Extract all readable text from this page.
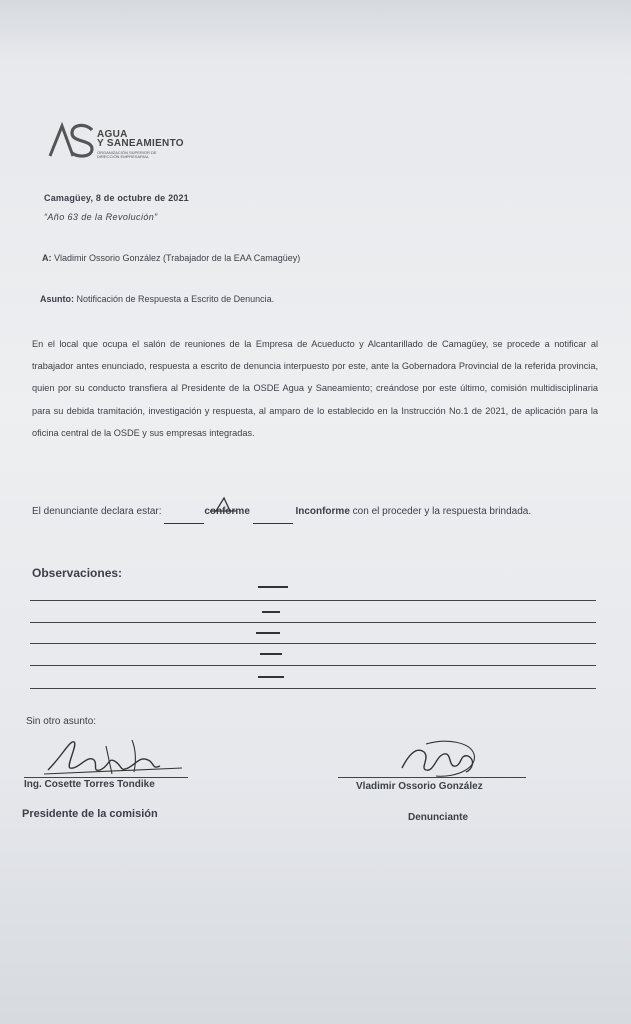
AGUA
Y SANEAMIENTO
ORGANIZACIÓN SUPERIOR DE DIRECCIÓN EMPRESARIAL
Camagüey, 8 de octubre de 2021
“Año 63 de la Revolución”
A: Vladimir Ossorio González (Trabajador de la EAA Camagüey)
Asunto: Notificación de Respuesta a Escrito de Denuncia.
En el local que ocupa el salón de reuniones de la Empresa de Acueducto y Alcantarillado de Camagüey, se procede a notificar al trabajador antes enunciado, respuesta a escrito de denuncia interpuesto por este, ante la Gobernadora Provincial de la referida provincia, quien por su conducto transfiera al Presidente de la OSDE Agua y Saneamiento; creándose por este último, comisión multidisciplinaria para su debida tramitación, investigación y respuesta, al amparo de lo establecido en la Instrucción No.1 de 2021, de aplicación para la oficina central de la OSDE y sus empresas integradas.
El denunciante declara estar:	conforme	Inconforme con el proceder y la respuesta brindada.
Observaciones:
Sin otro asunto:
Ing. Cosette Torres Tondike
Presidente de la comisión
Vladimir Ossorio González
Denunciante
